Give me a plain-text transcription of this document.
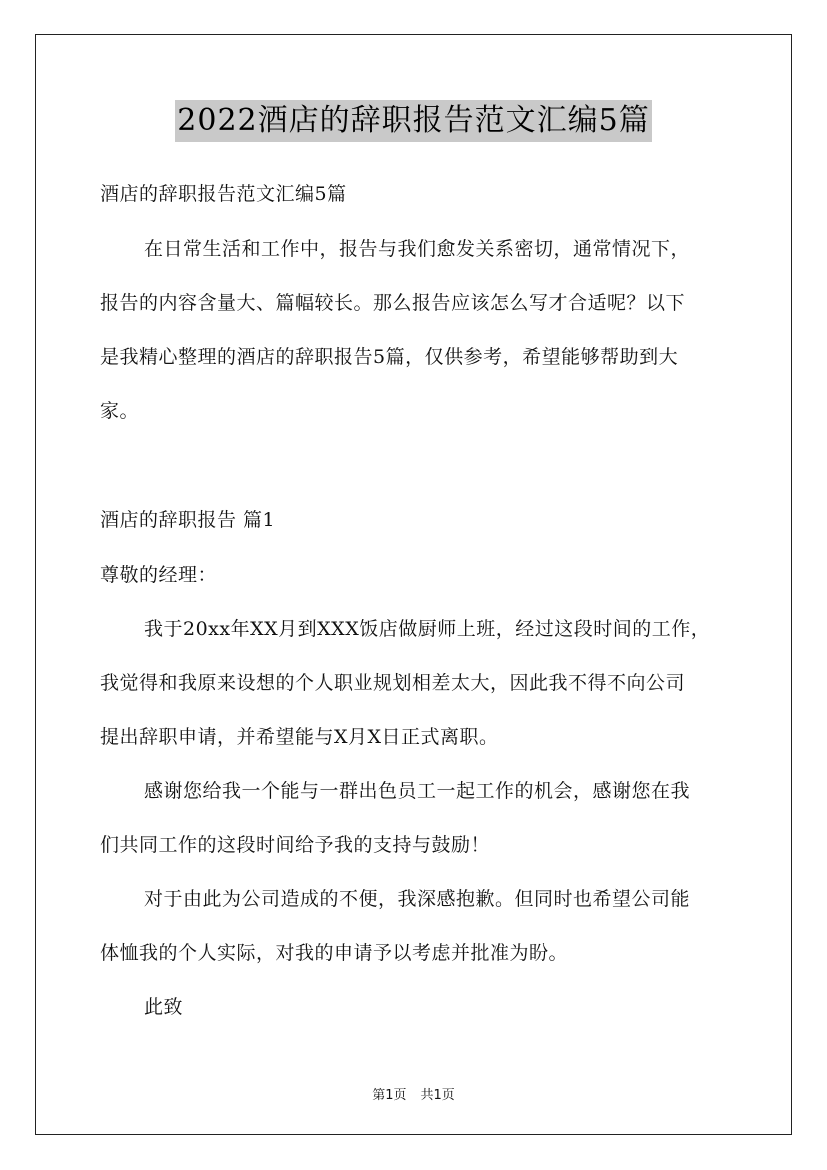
2022酒店的辞职报告范文汇编5篇
酒店的辞职报告范文汇编5篇
在日常生活和工作中，报告与我们愈发关系密切，通常情况下，
报告的内容含量大、篇幅较长。那么报告应该怎么写才合适呢？以下
是我精心整理的酒店的辞职报告5篇，仅供参考，希望能够帮助到大
家。
酒店的辞职报告 篇1
尊敬的经理：
我于20xx年XX月到XXX饭店做厨师上班，经过这段时间的工作，
我觉得和我原来设想的个人职业规划相差太大，因此我不得不向公司
提出辞职申请，并希望能与X月X日正式离职。
感谢您给我一个能与一群出色员工一起工作的机会，感谢您在我
们共同工作的这段时间给予我的支持与鼓励！
对于由此为公司造成的不便，我深感抱歉。但同时也希望公司能
体恤我的个人实际，对我的申请予以考虑并批准为盼。
此致
第1页 共1页
